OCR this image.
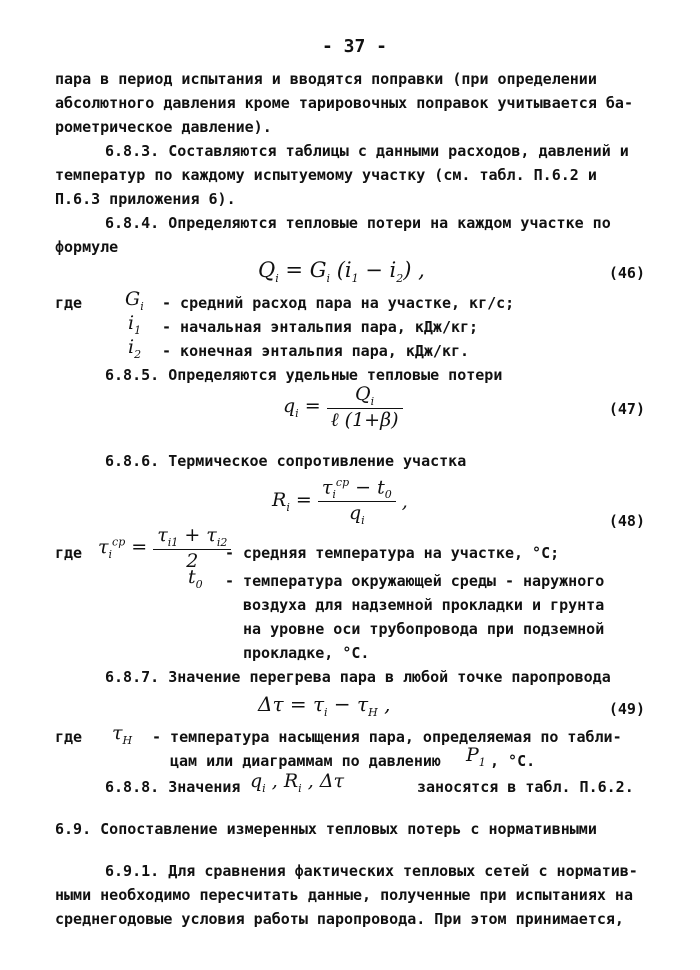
- 37 -
пара в период испытания и вводятся поправки (при определении
абсолютного давления кроме тарировочных поправок учитывается ба-
рометрическое давление).
6.8.3. Составляются таблицы с данными расходов, давлений и
температур по каждому испытуемому участку (см. табл. П.6.2 и
П.6.3 приложения 6).
6.8.4. Определяются тепловые потери на каждом участке по
формуле
$Q_i = G_i$ $(i_1 - i_2)$ ,	(46)
где $G_i$ - средний расход пара на участке, кг/с;
$i_1$ - начальная энтальпия пара, кДж/кг;
$i_2$ - конечная энтальпия пара, кДж/кг.
6.8.5. Определяются удельные тепловые потери
$q_i = \frac{Q_i}{\text{ℓ (1+β)}}$	(47)
6.8.6. Термическое сопротивление участка
$R_i = \frac{\tau_i^{cp} - t_0}{q_i}$ ,
(48)
где $\tau_i^{cp} = \frac{\tau_{i1} + \tau_{i2}}{2}$
- средняя температура на участке, °С;
$t_0$ - температура окружающей среды - наружного
воздуха для надземной прокладки и грунта
на уровне оси трубопровода при подземной
прокладке, °С.
6.8.7. Значение перегрева пара в любой точке паропровода
$\Delta\tau = \tau_i - \tau_H$ ,	(49)
где $\tau_H$ - температура насыщения пара, определяемая по табли-
цам или диаграммам по давлению $P_1$ , °С.
6.8.8. Значения $q_i$ , $R_i$ , Δτ	заносятся в табл. П.6.2.
6.9. Сопоставление измеренных тепловых потерь с нормативными
6.9.1. Для сравнения фактических тепловых сетей с норматив-
ными необходимо пересчитать данные, полученные при испытаниях на
среднегодовые условия работы паропровода. При этом принимается,
